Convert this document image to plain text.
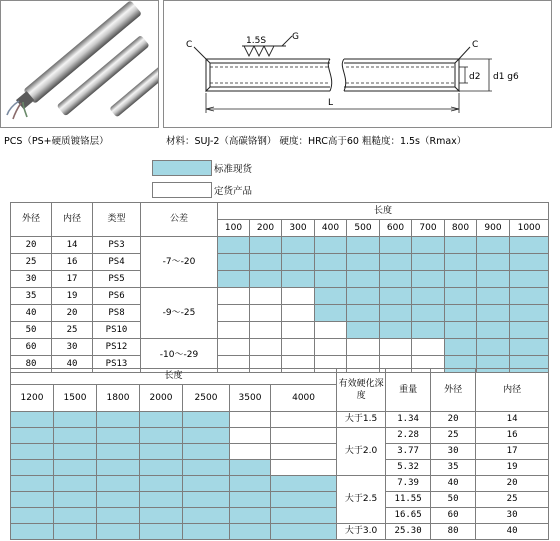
C	C
1.5S	G
d2 d1 g6
L
PCS（PS+硬质镀铬层）	材料：SUJ-2（高碳铬钢） 硬度：HRC高于60 粗糙度：1.5s（Rmax）
标准现货
定货产品
外径	内径	类型	公差	长度									
				100	200	300	400	500	600	700	800	900	1000
20	14	PS3	-7～-20										
25	16	PS4											
30	17	PS5											
35	19	PS6	-9～-25										
40	20	PS8											
50	25	PS10											
60	30	PS12	-10～-29										
80	40	PS13											
长度							有效硬化深度	重量	外径	内径
1200	1500	1800	2000	2500	3500	4000				
							大于1.5	1.34	20	14
							大于2.0	2.28	25	16
								3.77	30	17
								5.32	35	19
							大于2.5	7.39	40	20
								11.55	50	25
								16.65	60	30
							大于3.0	25.30	80	40
